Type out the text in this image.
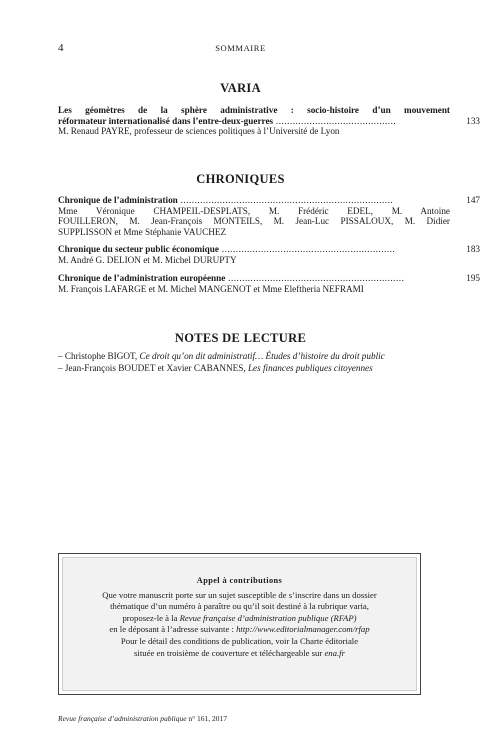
4	SOMMAIRE
VARIA
Les géomètres de la sphère administrative : socio-histoire d’un mouvement
réformateur internationalisé dans l’entre-deux-guerres ...........................................	133
M. Renaud PAYRE, professeur de sciences politiques à l’Université de Lyon
CHRONIQUES
Chronique de l’administration ............................................................................	147
Mme Véronique CHAMPEIL-DESPLATS, M. Frédéric EDEL, M. Antoine
FOUILLERON, M. Jean-François MONTEILS, M. Jean-Luc PISSALOUX, M. Didier
SUPPLISSON et Mme Stéphanie VAUCHEZ
Chronique du secteur public économique ..............................................................	183
M. André G. DELION et M. Michel DURUPTY
Chronique de l’administration européenne ...............................................................	195
M. François LAFARGE et M. Michel MANGENOT et Mme Eleftheria NEFRAMI
NOTES DE LECTURE
– Christophe BIGOT, Ce droit qu’on dit administratif… Études d’histoire du droit public
– Jean-François BOUDET et Xavier CABANNES, Les finances publiques citoyennes
Appel à contributions
Que votre manuscrit porte sur un sujet susceptible de s’inscrire dans un dossier
thématique d’un numéro à paraître ou qu’il soit destiné à la rubrique varia,
proposez-le à la Revue française d’administration publique (RFAP)
en le déposant à l’adresse suivante : http://www.editorialmanager.com/rfap
Pour le détail des conditions de publication, voir la Charte éditoriale
située en troisième de couverture et téléchargeable sur ena.fr
Revue française d’administration publique n° 161, 2017
